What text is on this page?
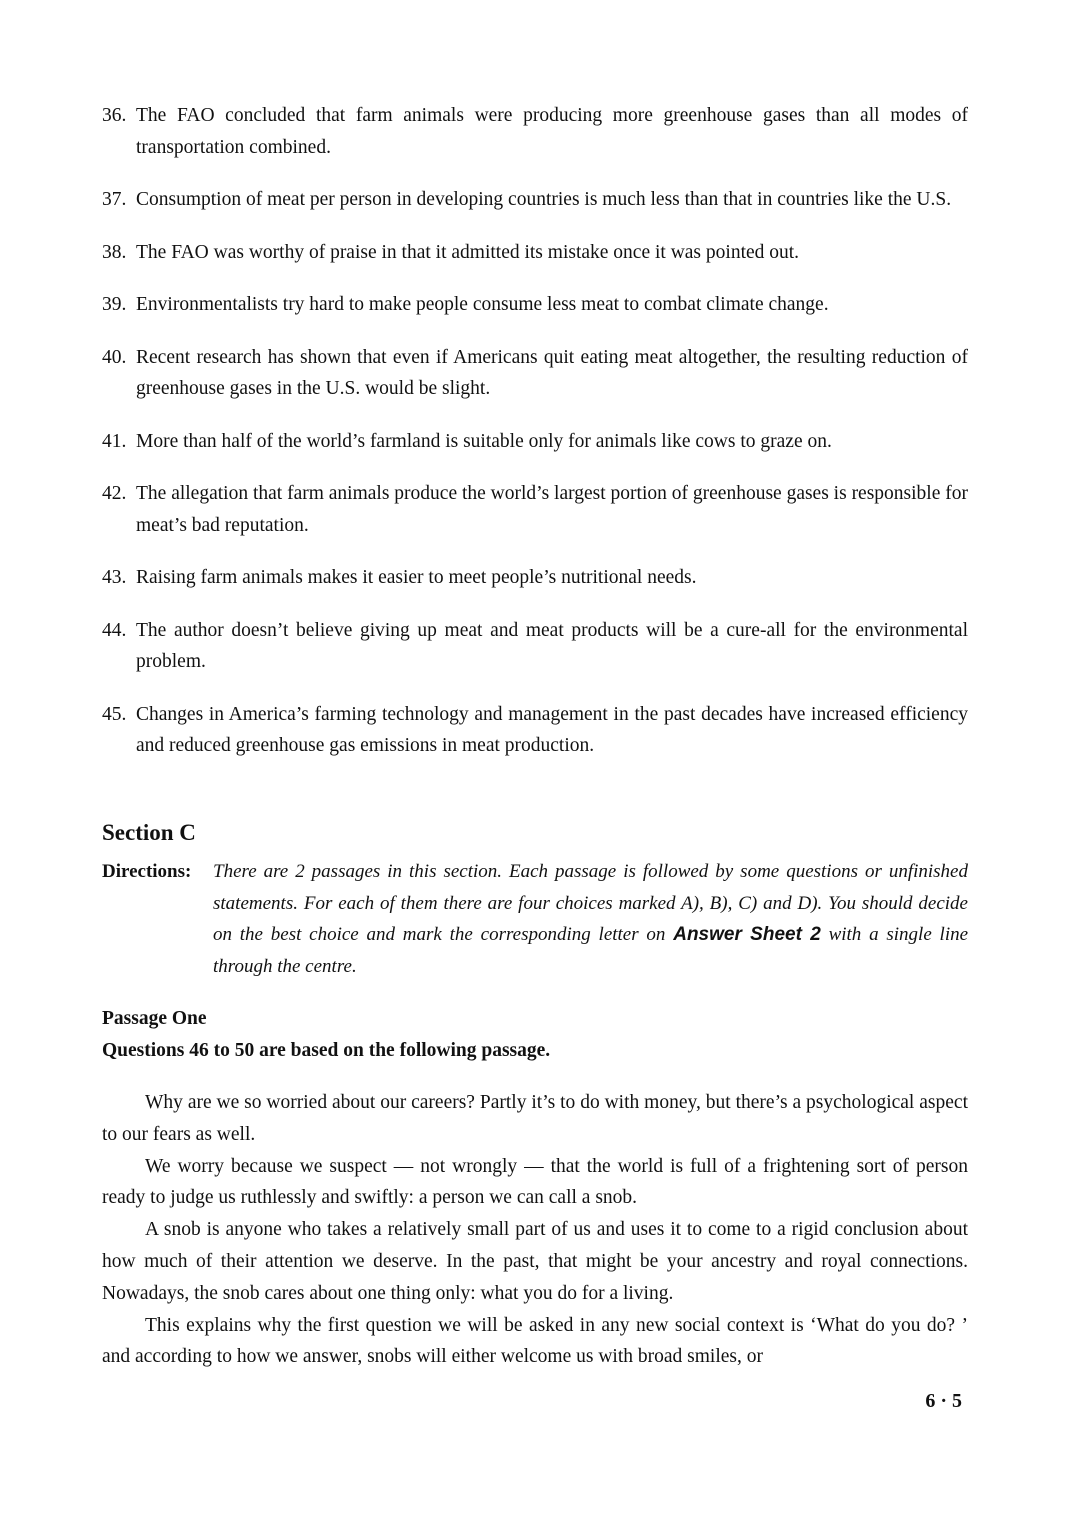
36. The FAO concluded that farm animals were producing more greenhouse gases than all modes of transportation combined.
37. Consumption of meat per person in developing countries is much less than that in countries like the U.S.
38. The FAO was worthy of praise in that it admitted its mistake once it was pointed out.
39. Environmentalists try hard to make people consume less meat to combat climate change.
40. Recent research has shown that even if Americans quit eating meat altogether, the resulting reduction of greenhouse gases in the U.S. would be slight.
41. More than half of the world’s farmland is suitable only for animals like cows to graze on.
42. The allegation that farm animals produce the world’s largest portion of greenhouse gases is responsible for meat’s bad reputation.
43. Raising farm animals makes it easier to meet people’s nutritional needs.
44. The author doesn’t believe giving up meat and meat products will be a cure-all for the environmental problem.
45. Changes in America’s farming technology and management in the past decades have increased efficiency and reduced greenhouse gas emissions in meat production.
Section C
Directions: There are 2 passages in this section. Each passage is followed by some questions or unfinished statements. For each of them there are four choices marked A), B), C) and D). You should decide on the best choice and mark the corresponding letter on Answer Sheet 2 with a single line through the centre.
Passage One
Questions 46 to 50 are based on the following passage.

Why are we so worried about our careers? Partly it’s to do with money, but there’s a psychological aspect to our fears as well.

We worry because we suspect — not wrongly — that the world is full of a frightening sort of person ready to judge us ruthlessly and swiftly: a person we can call a snob.

A snob is anyone who takes a relatively small part of us and uses it to come to a rigid conclusion about how much of their attention we deserve. In the past, that might be your ancestry and royal connections. Nowadays, the snob cares about one thing only: what you do for a living.

This explains why the first question we will be asked in any new social context is ‘What do you do? ’ and according to how we answer, snobs will either welcome us with broad smiles, or

6 · 5
